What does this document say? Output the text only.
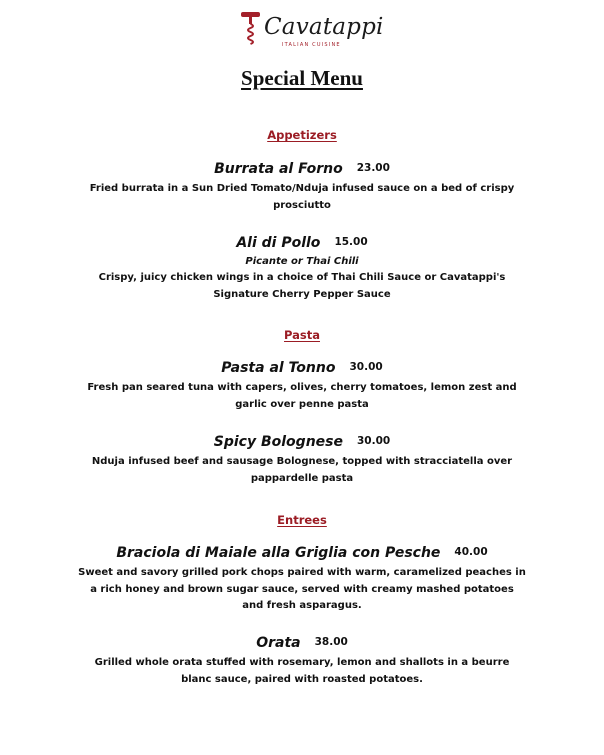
Cavatappi
ITALIAN CUISINE
Special Menu
Appetizers
Burrata al Forno 23.00
Fried burrata in a Sun Dried Tomato/Nduja infused sauce on a bed of crispy prosciutto
Ali di Pollo 15.00
Picante or Thai Chili
Crispy, juicy chicken wings in a choice of Thai Chili Sauce or Cavatappi's Signature Cherry Pepper Sauce
Pasta
Pasta al Tonno 30.00
Fresh pan seared tuna with capers, olives, cherry tomatoes, lemon zest and garlic over penne pasta
Spicy Bolognese 30.00
Nduja infused beef and sausage Bolognese, topped with stracciatella over pappardelle pasta
Entrees
Braciola di Maiale alla Griglia con Pesche 40.00
Sweet and savory grilled pork chops paired with warm, caramelized peaches in a rich honey and brown sugar sauce, served with creamy mashed potatoes and fresh asparagus.
Orata 38.00
Grilled whole orata stuffed with rosemary, lemon and shallots in a beurre blanc sauce, paired with roasted potatoes.
